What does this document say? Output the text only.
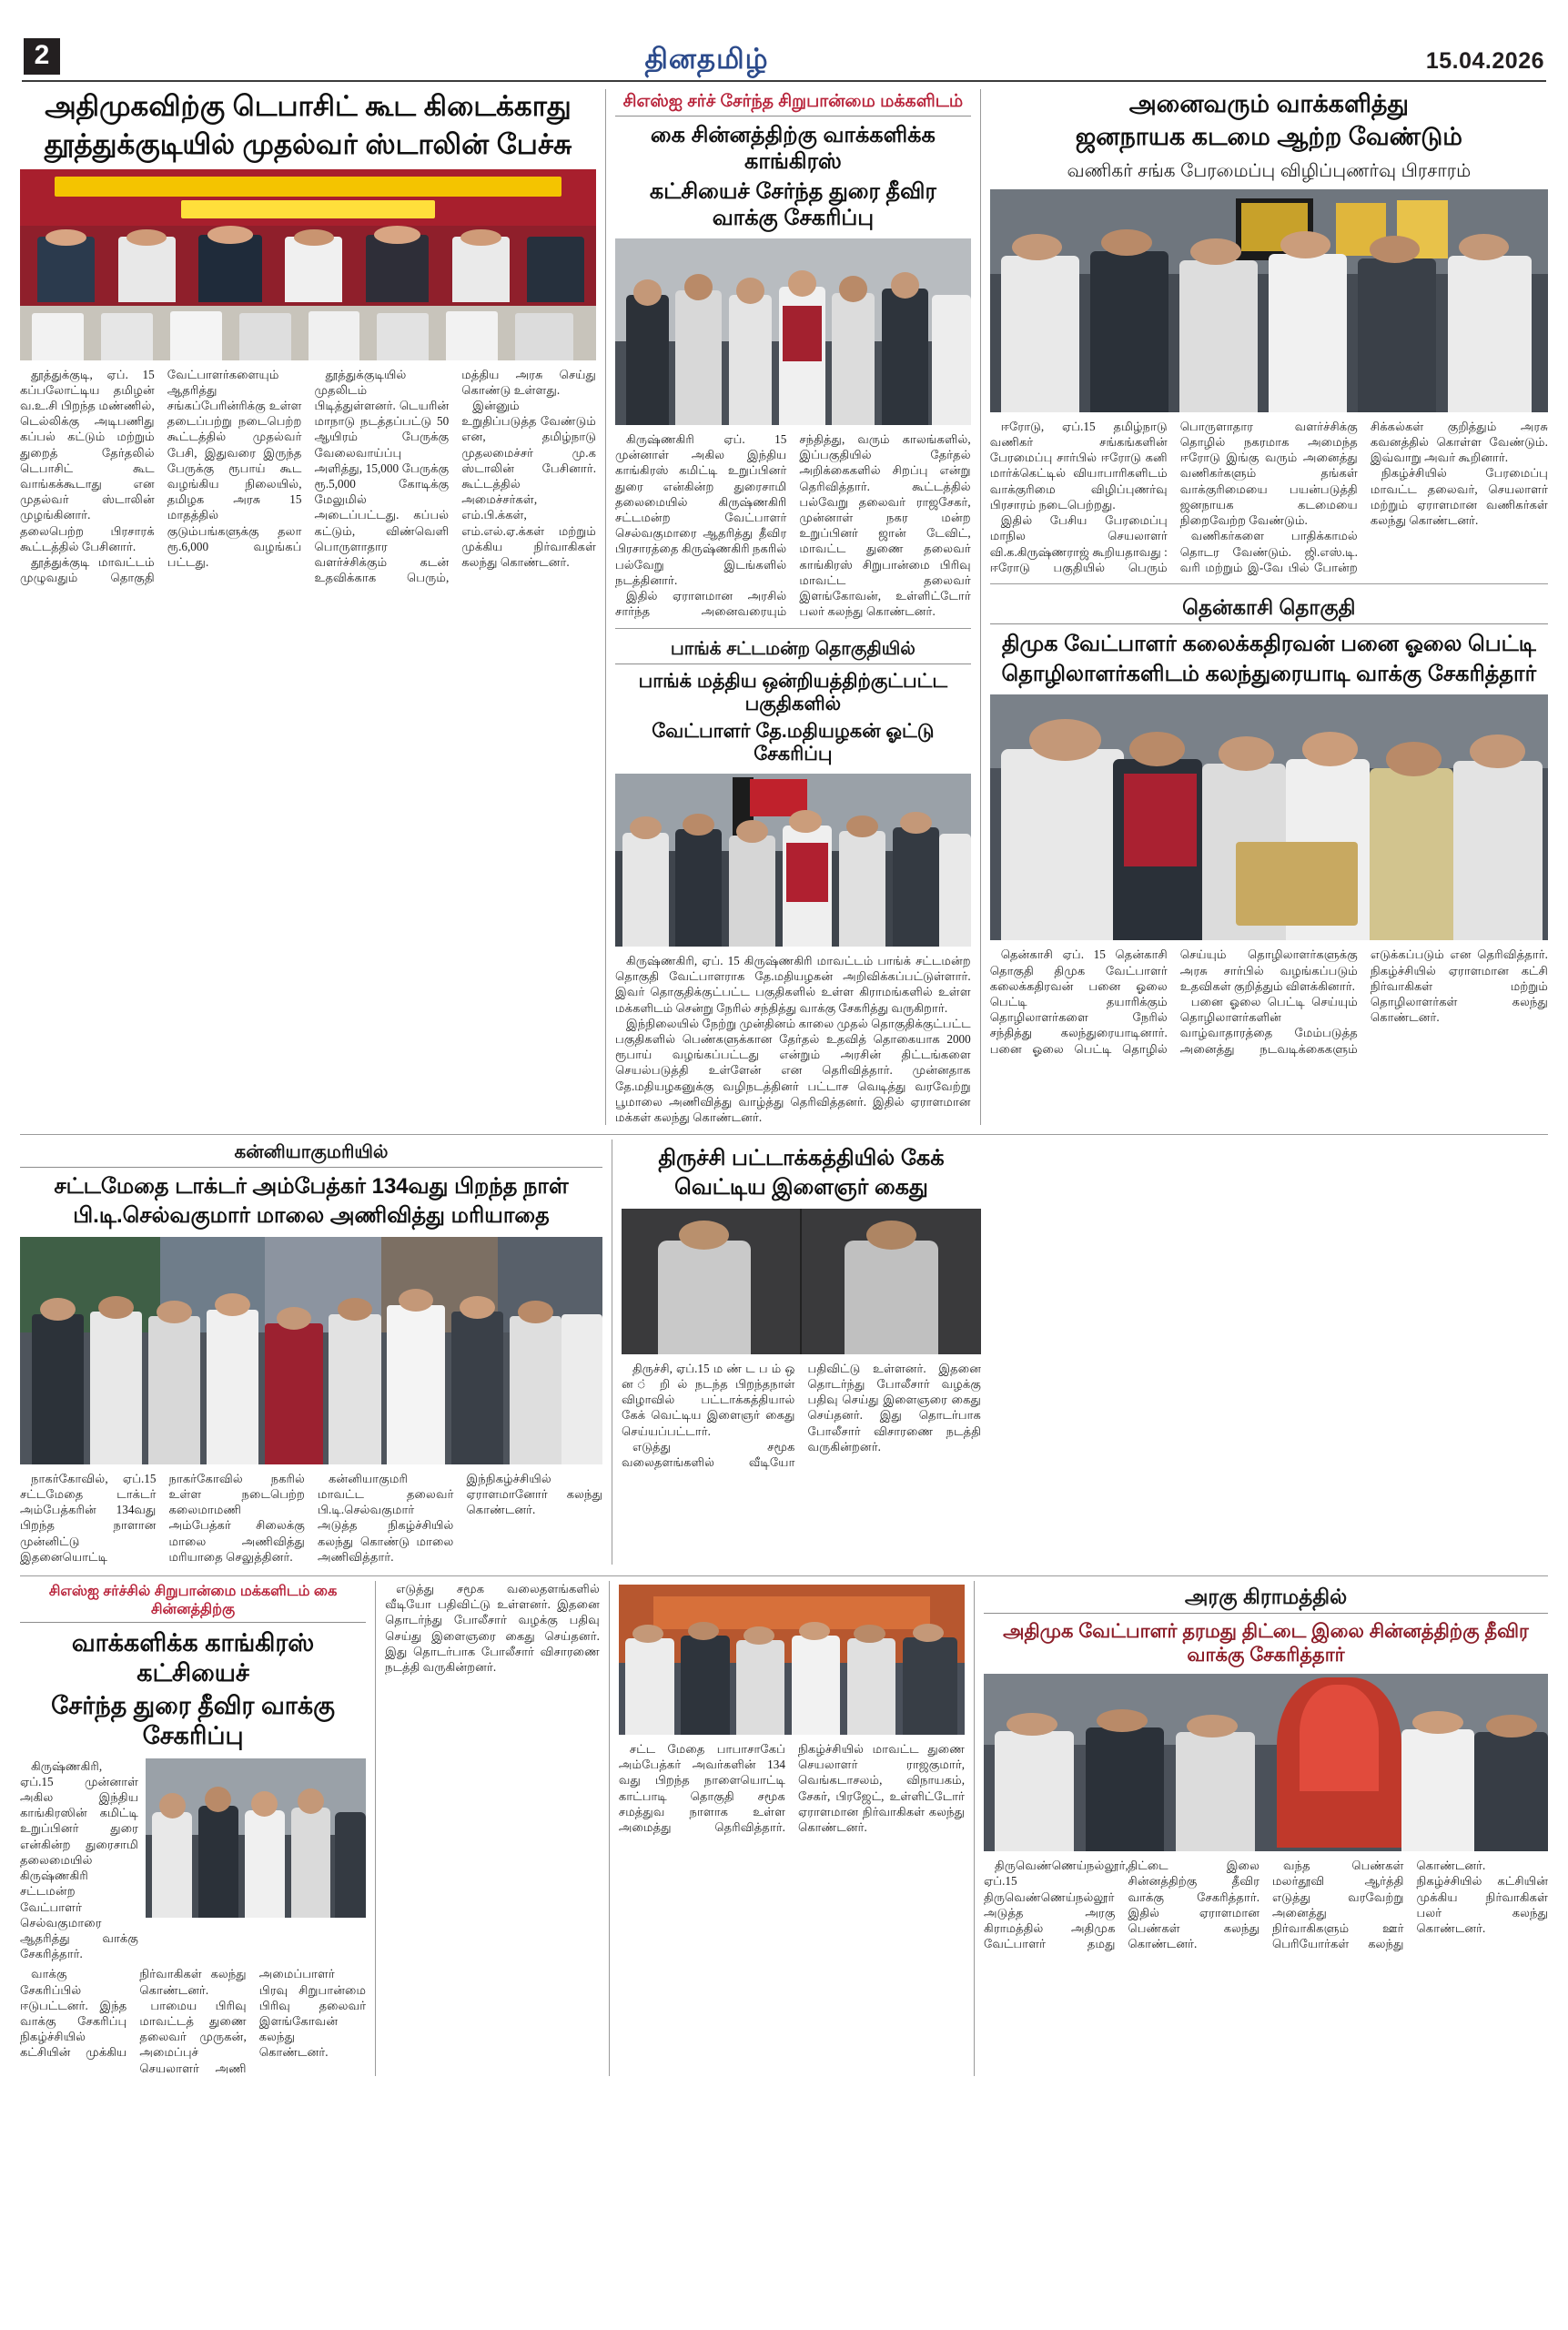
2	தினதமிழ்	15.04.2026
அதிமுகவிற்கு டெபாசிட் கூட கிடைக்காது
தூத்துக்குடியில் முதல்வர் ஸ்டாலின் பேச்சு

தூத்துக்குடி, ஏப். 15 கப்பலோட்டிய தமிழன் வ.உ.சி பிறந்த மண்ணில், டெல்லிக்கு அடிபணிது கப்பல் கட்டும் மற்றும் துறைத் தேர்தலில் டெபாசிட் கூட வாங்கக்கூடாது என முதல்வர் ஸ்டாலின் முழங்கினார். தலைபெற்ற பிரசாரக் கூட்டத்தில் பேசினார்.

தூத்துக்குடி மாவட்டம் முழுவதும் தொகுதி வேட்பாளர்களையும் ஆதரித்து சங்கப்பேரின்ரிக்கு உள்ள தடைப்பற்று நடைபெற்ற கூட்டத்தில் முதல்வர் பேசி, இதுவரை இருந்த பேருக்கு ரூபாய் கூட வழங்கிய நிலையில், தமிழக அரசு 15 மாதத்தில் குடும்பங்களுக்கு தலா ரூ.6,000 வழங்கப் பட்டது.

தூத்துக்குடியில் முதலிடம் பிடித்துள்ளனர். டெயரின் மாநாடு நடத்தப்பட்டு 50 ஆயிரம் பேருக்கு வேலைவாய்ப்பு அளித்து, 15,000 பேருக்கு ரூ.5,000 கோடிக்கு மேலுமில் அடைப்பட்டது. கப்பல் கட்டும், விண்வெளி பொருளாதார வளர்ச்சிக்கும் கடன் உதவிக்காக பெரும், மத்திய அரசு செய்து கொண்டு உள்ளது.

இன்னும் உறுதிப்படுத்த வேண்டும் என, தமிழ்நாடு முதலமைச்சர் மு.க ஸ்டாலின் பேசினார். கூட்டத்தில் அமைச்சர்கள், எம்.பி.க்கள், எம்.எல்.ஏ.க்கள் மற்றும் முக்கிய நிர்வாகிகள் கலந்து கொண்டனர்.

சிஎஸ்ஐ சர்ச் சேர்ந்த சிறுபான்மை மக்களிடம்
கை சின்னத்திற்கு வாக்களிக்க காங்கிரஸ்
கட்சியைச் சேர்ந்த துரை தீவிர வாக்கு சேகரிப்பு

கிருஷ்ணகிரி ஏப். 15 முன்னாள் அகில இந்திய காங்கிரஸ் கமிட்டி உறுப்பினர் துரை என்கின்ற துரைசாமி தலைமையில் கிருஷ்ணகிரி சட்டமன்ற வேட்பாளர் செல்வகுமாரை ஆதரித்து தீவிர பிரசாரத்தை கிருஷ்ணகிரி நகரில் பல்வேறு இடங்களில் நடத்தினார்.

இதில் ஏராளமான அரசில் சார்ந்த அனைவரையும் சந்தித்து, வரும் காலங்களில், இப்பகுதியில் தேர்தல் அறிக்கைகளில் சிறப்பு என்று தெரிவித்தார். கூட்டத்தில் பல்வேறு தலைவர் ராஜசேகர், முன்னாள் நகர மன்ற உறுப்பினர் ஜான் டேவிட், மாவட்ட துணை தலைவர் காங்கிரஸ் சிறுபான்மை பிரிவு மாவட்ட தலைவர் இளங்கோவன், உள்ளிட்டோர் பலர் கலந்து கொண்டனர்.

பாங்க் சட்டமன்ற தொகுதியில்
பாங்க் மத்திய ஒன்றியத்திற்குட்பட்ட பகுதிகளில்
வேட்பாளர் தே.மதியழகன் ஓட்டு சேகரிப்பு

கிருஷ்ணகிரி, ஏப். 15 கிருஷ்ணகிரி மாவட்டம் பாங்க் சட்டமன்ற தொகுதி வேட்பாளராக தே.மதியழகன் அறிவிக்கப்பட்டுள்ளார். இவர் தொகுதிக்குட்பட்ட பகுதிகளில் உள்ள கிராமங்களில் உள்ள மக்களிடம் சென்று நேரில் சந்தித்து வாக்கு சேகரித்து வருகிறார்.

இந்நிலையில் நேற்று முன்தினம் காலை முதல் தொகுதிக்குட்பட்ட பகுதிகளில் பெண்களுக்கான தேர்தல் உதவித் தொகையாக 2000 ரூபாய் வழங்கப்பட்டது என்றும் அரசின் திட்டங்களை செயல்படுத்தி உள்ளேன் என தெரிவித்தார். முன்னதாக தே.மதியழகனுக்கு வழிநடத்தினர் பட்டாச வெடித்து வரவேற்று பூமாலை அணிவித்து வாழ்த்து தெரிவித்தனர். இதில் ஏராளமான மக்கள் கலந்து கொண்டனர்.

அனைவரும் வாக்களித்து
ஜனநாயக கடமை ஆற்ற வேண்டும்
வணிகர் சங்க பேரமைப்பு விழிப்புணர்வு பிரசாரம்

ஈரோடு, ஏப்.15 தமிழ்நாடு வணிகர் சங்கங்களின் பேரமைப்பு சார்பில் ஈரோடு கனி மார்க்கெட்டில் வியாபாரிகளிடம் வாக்குரிமை விழிப்புணர்வு பிரசாரம் நடைபெற்றது.

இதில் பேசிய பேரமைப்பு மாநில செயலாளர் வி.க.கிருஷ்ணராஜ் கூறியதாவது : ஈரோடு பகுதியில் பெரும் பொருளாதார வளர்ச்சிக்கு தொழில் நகரமாக அமைந்த ஈரோடு இங்கு வரும் அனைத்து வணிகர்களும் தங்கள் வாக்குரிமையை பயன்படுத்தி ஜனநாயக கடமையை நிறைவேற்ற வேண்டும்.

வணிகர்களை பாதிக்காமல் தொடர வேண்டும். ஜி.எஸ்.டி. வரி மற்றும் இ-வே பில் போன்ற சிக்கல்கள் குறித்தும் அரசு கவனத்தில் கொள்ள வேண்டும். இவ்வாறு அவர் கூறினார்.

நிகழ்ச்சியில் பேரமைப்பு மாவட்ட தலைவர், செயலாளர் மற்றும் ஏராளமான வணிகர்கள் கலந்து கொண்டனர்.

தென்காசி தொகுதி
திமுக வேட்பாளர் கலைக்கதிரவன் பனை ஓலை பெட்டி
தொழிலாளர்களிடம் கலந்துரையாடி வாக்கு சேகரித்தார்

தென்காசி ஏப். 15 தென்காசி தொகுதி திமுக வேட்பாளர் கலைக்கதிரவன் பனை ஓலை பெட்டி தயாரிக்கும் தொழிலாளர்களை நேரில் சந்தித்து கலந்துரையாடினார். பனை ஓலை பெட்டி தொழில் செய்யும் தொழிலாளர்களுக்கு அரசு சார்பில் வழங்கப்படும் உதவிகள் குறித்தும் விளக்கினார்.

பனை ஓலை பெட்டி செய்யும் தொழிலாளர்களின் வாழ்வாதாரத்தை மேம்படுத்த அனைத்து நடவடிக்கைகளும் எடுக்கப்படும் என தெரிவித்தார். நிகழ்ச்சியில் ஏராளமான கட்சி நிர்வாகிகள் மற்றும் தொழிலாளர்கள் கலந்து கொண்டனர்.

கன்னியாகுமரியில்
சட்டமேதை டாக்டர் அம்பேத்கர் 134வது பிறந்த நாள்
பி.டி.செல்வகுமார் மாலை அணிவித்து மரியாதை

நாகர்கோவில், ஏப்.15 சட்டமேதை டாக்டர் அம்பேத்கரின் 134வது பிறந்த நாளான முன்னிட்டு இதனையொட்டி நாகர்கோவில் நகரில் உள்ள நடைபெற்ற கலைமாமணி அம்பேத்கர் சிலைக்கு மாலை அணிவித்து மரியாதை செலுத்தினர்.

கன்னியாகுமரி மாவட்ட தலைவர் பி.டி.செல்வகுமார் அடுத்த நிகழ்ச்சியில் கலந்து கொண்டு மாலை அணிவித்தார். இந்நிகழ்ச்சியில் ஏராளமானோர் கலந்து கொண்டனர்.

திருச்சி பட்டாக்கத்தியில் கேக்
வெட்டிய இளைஞர் கைது

திருச்சி, ஏப்.15 ம ண் ட ப ம் ஒ ன ் றி ல் நடந்த பிறந்தநாள் விழாவில் பட்டாக்கத்தியால் கேக் வெட்டிய இளைஞர் கைது செய்யப்பட்டார்.

எடுத்து சமூக வலைதளங்களில் வீடியோ பதிவிட்டு உள்ளனர். இதனை தொடர்ந்து போலீசார் வழக்கு பதிவு செய்து இளைஞரை கைது செய்தனர். இது தொடர்பாக போலீசார் விசாரணை நடத்தி வருகின்றனர்.

சிஎஸ்ஐ சர்ச்சில் சிறுபான்மை மக்களிடம் கை சின்னத்திற்கு
வாக்களிக்க காங்கிரஸ் கட்சியைச்
சேர்ந்த துரை தீவிர வாக்கு சேகரிப்பு

கிருஷ்ணகிரி, ஏப்.15 முன்னாள் அகில இந்திய காங்கிரஸின் கமிட்டி உறுப்பினர் துரை என்கின்ற துரைசாமி தலைமையில் கிருஷ்ணகிரி சட்டமன்ற வேட்பாளர் செல்வகுமாரை ஆதரித்து வாக்கு சேகரித்தார்.

வாக்கு சேகரிப்பில் ஈடுபட்டனர். இந்த வாக்கு சேகரிப்பு நிகழ்ச்சியில் கட்சியின் முக்கிய நிர்வாகிகள் கலந்து கொண்டனர்.

பாமைய பிரிவு மாவட்டத் துணை தலைவர் முருகன், அமைப்புச் செயலாளர் அணி அமைப்பாளர் பிரவு சிறுபான்மை பிரிவு தலைவர் இளங்கோவன் கலந்து கொண்டனர்.

எடுத்து சமூக வலைதளங்களில் வீடியோ பதிவிட்டு உள்ளனர். இதனை தொடர்ந்து போலீசார் வழக்கு பதிவு செய்து இளைஞரை கைது செய்தனர். இது தொடர்பாக போலீசார் விசாரணை நடத்தி வருகின்றனர்.

சட்ட மேதை பாபாசாகேப் அம்பேத்கர் அவர்களின் 134 வது பிறந்த நாளையொட்டி காட்பாடி தொகுதி சமூக சமத்துவ நாளாக உள்ள அமைத்து தெரிவித்தார். நிகழ்ச்சியில் மாவட்ட துணை செயலாளர் ராஜகுமார், வெங்கடாசலம், விநாயகம், சேகர், பிரஜேட், உள்ளிட்டோர் ஏராளமான நிர்வாகிகள் கலந்து கொண்டனர்.

அரகு கிராமத்தில்
அதிமுக வேட்பாளர் தரமது திட்டை இலை சின்னத்திற்கு தீவிர வாக்கு சேகரித்தார்

திருவெண்ணெய்நல்லூர், ஏப்.15 திருவெண்ணெய்நல்லூர் அடுத்த அரகு கிராமத்தில் அதிமுக வேட்பாளர் தமது திட்டை இலை சின்னத்திற்கு தீவிர வாக்கு சேகரித்தார். இதில் ஏராளமான பெண்கள் கலந்து கொண்டனர்.

வந்த பெண்கள் மலர்தூவி ஆர்த்தி எடுத்து வரவேற்று அனைத்து நிர்வாகிகளும் ஊர் பெரியோர்கள் கலந்து கொண்டனர். நிகழ்ச்சியில் கட்சியின் முக்கிய நிர்வாகிகள் பலர் கலந்து கொண்டனர்.
